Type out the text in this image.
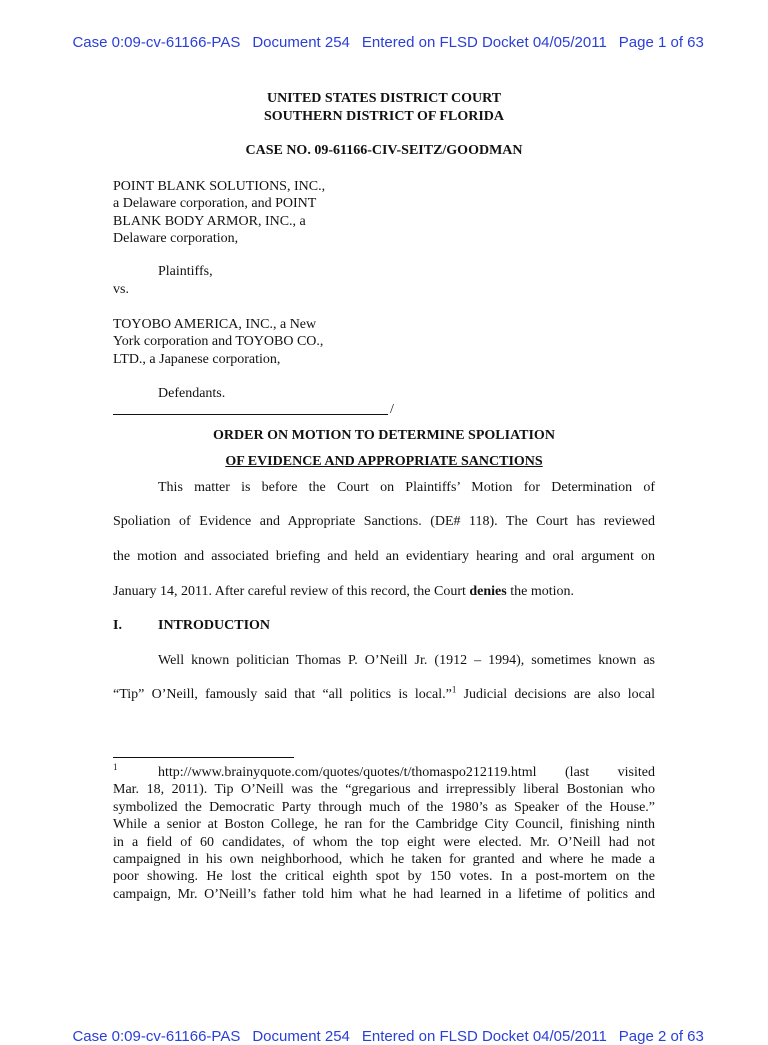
Case 0:09-cv-61166-PAS Document 254 Entered on FLSD Docket 04/05/2011 Page 1 of 63

UNITED STATES DISTRICT COURT
SOUTHERN DISTRICT OF FLORIDA
CASE NO. 09-61166-CIV-SEITZ/GOODMAN
POINT BLANK SOLUTIONS, INC.,
a Delaware corporation, and POINT
BLANK BODY ARMOR, INC., a
Delaware corporation,
Plaintiffs,
vs.
TOYOBO AMERICA, INC., a New
York corporation and TOYOBO CO.,
LTD., a Japanese corporation,
Defendants.
/
ORDER ON MOTION TO DETERMINE SPOLIATION
OF EVIDENCE AND APPROPRIATE SANCTIONS
This matter is before the Court on Plaintiffs’ Motion for Determination of
Spoliation of Evidence and Appropriate Sanctions. (DE# 118). The Court has reviewed
the motion and associated briefing and held an evidentiary hearing and oral argument on
January 14, 2011. After careful review of this record, the Court denies the motion.
I.	INTRODUCTION
Well known politician Thomas P. O’Neill Jr. (1912 – 1994), sometimes known as
“Tip” O’Neill, famously said that “all politics is local.”$^1$ Judicial decisions are also local
1	http://www.brainyquote.com/quotes/quotes/t/thomaspo212119.html (last visited
Mar. 18, 2011). Tip O’Neill was the “gregarious and irrepressibly liberal Bostonian who
symbolized the Democratic Party through much of the 1980’s as Speaker of the House.”
While a senior at Boston College, he ran for the Cambridge City Council, finishing ninth
in a field of 60 candidates, of whom the top eight were elected. Mr. O’Neill had not
campaigned in his own neighborhood, which he taken for granted and where he made a
poor showing. He lost the critical eighth spot by 150 votes. In a post-mortem on the
campaign, Mr. O’Neill’s father told him what he had learned in a lifetime of politics and

Case 0:09-cv-61166-PAS Document 254 Entered on FLSD Docket 04/05/2011 Page 2 of 63
